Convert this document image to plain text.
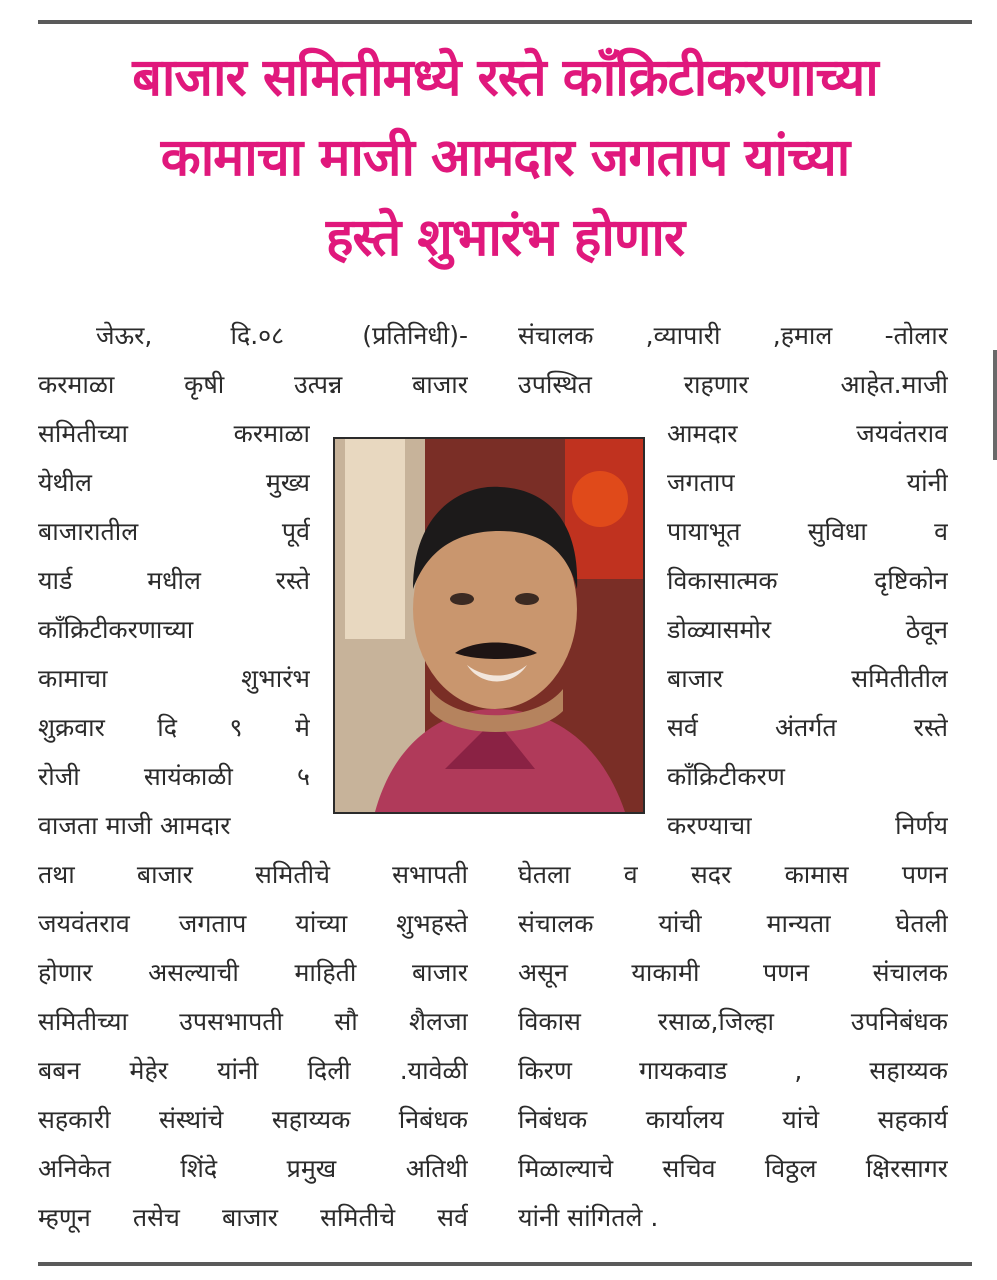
बाजार समितीमध्ये रस्ते काँक्रिटीकरणाच्या
कामाचा माजी आमदार जगताप यांच्या
हस्ते शुभारंभ होणार
जेऊर, दि.०८ (प्रतिनिधी)-
करमाळा कृषी उत्पन्न बाजार
समितीच्या करमाळा
येथील मुख्य
बाजारातील पूर्व
यार्ड मधील रस्ते
काँक्रिटीकरणाच्या
कामाचा शुभारंभ
शुक्रवार दि ९ मे
रोजी सायंकाळी ५
वाजता माजी आमदार
तथा बाजार समितीचे सभापती
जयवंतराव जगताप यांच्या शुभहस्ते
होणार असल्याची माहिती बाजार
समितीच्या उपसभापती सौ शैलजा
बबन मेहेर यांनी दिली .यावेळी
सहकारी संस्थांचे सहाय्यक निबंधक
अनिकेत शिंदे प्रमुख अतिथी
म्हणून तसेच बाजार समितीचे सर्व
संचालक ,व्यापारी ,हमाल -तोलार
उपस्थित राहणार आहेत.माजी
आमदार जयवंतराव
जगताप यांनी
पायाभूत सुविधा व
विकासात्मक दृष्टिकोन
डोळ्यासमोर ठेवून
बाजार समितीतील
सर्व अंतर्गत रस्ते
काँक्रिटीकरण
करण्याचा निर्णय
घेतला व सदर कामास पणन
संचालक यांची मान्यता घेतली
असून याकामी पणन संचालक
विकास रसाळ,जिल्हा उपनिबंधक
किरण गायकवाड , सहाय्यक
निबंधक कार्यालय यांचे सहकार्य
मिळाल्याचे सचिव विठ्ठल क्षिरसागर
यांनी सांगितले .
